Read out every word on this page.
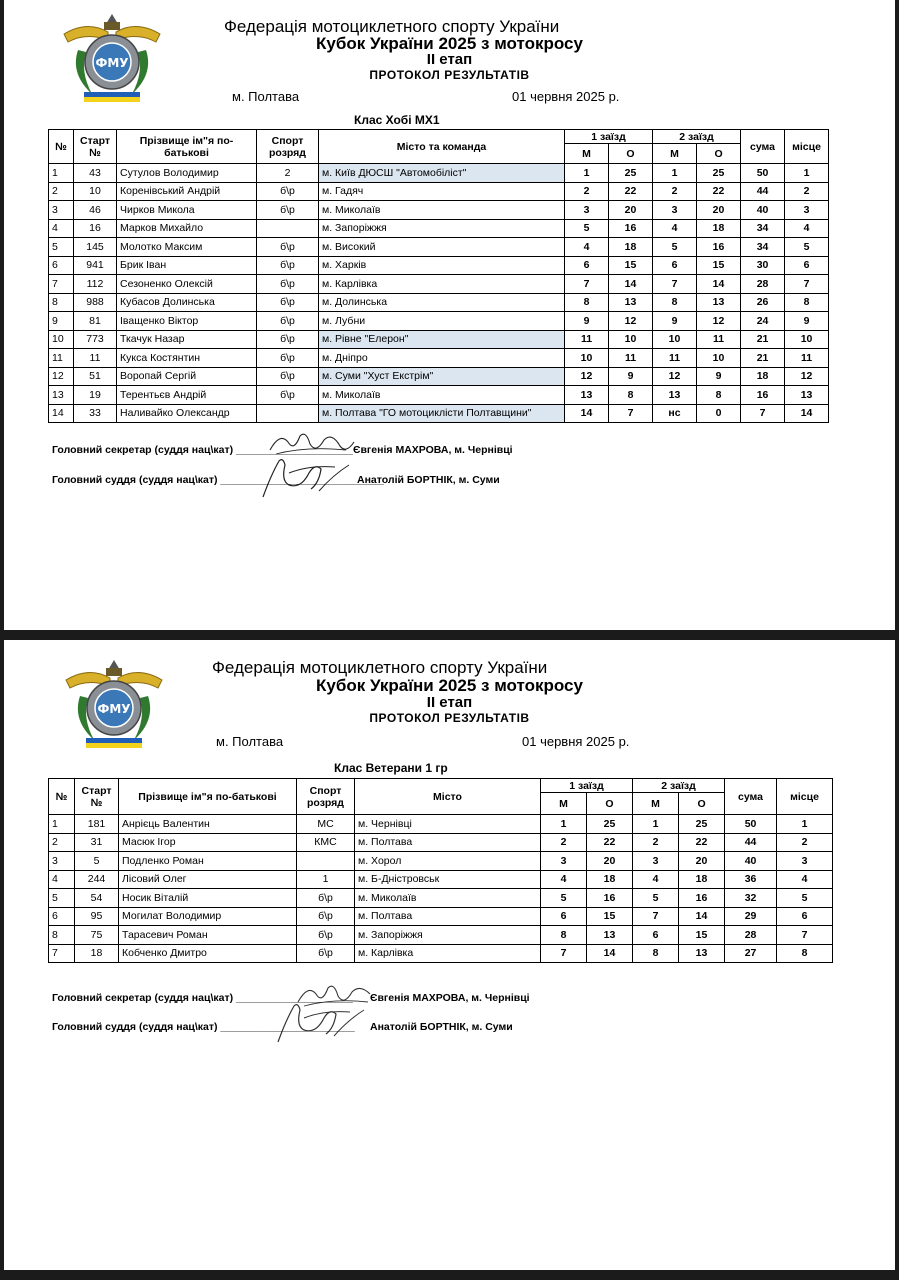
ФМУ
Федерація мотоциклетного спорту України
Кубок України 2025 з мотокросу
ІІ етап
ПРОТОКОЛ РЕЗУЛЬТАТІВ
м. Полтава	01 червня 2025 р.
Клас Хобі МХ1
№	Старт №	Прізвище ім"я по-батькові	Спорт розряд	Місто та команда	1 заїзд		2 заїзд		сума	місце
					М	О	М	О		
1	43	Сутулов Володимир	2	м. Київ ДЮСШ "Автомобіліст"	1	25	1	25	50	1
2	10	Коренівський Андрій	б\р	м. Гадяч	2	22	2	22	44	2
3	46	Чирков Микола	б\р	м. Миколаїв	3	20	3	20	40	3
4	16	Марков Михайло		м. Запоріжжя	5	16	4	18	34	4
5	145	Молотко Максим	б\р	м. Високий	4	18	5	16	34	5
6	941	Брик Іван	б\р	м. Харків	6	15	6	15	30	6
7	112	Сезоненко Олексій	б\р	м. Карлівка	7	14	7	14	28	7
8	988	Кубасов Долинська	б\р	м. Долинська	8	13	8	13	26	8
9	81	Іващенко Віктор	б\р	м. Лубни	9	12	9	12	24	9
10	773	Ткачук Назар	б\р	м. Рівне "Елерон"	11	10	10	11	21	10
11	11	Кукса Костянтин	б\р	м. Дніпро	10	11	11	10	21	11
12	51	Воропай Сергій	б\р	м. Суми "Хуст Екстрім"	12	9	12	9	18	12
13	19	Терентьєв Андрій	б\р	м. Миколаїв	13	8	13	8	16	13
14	33	Наливайко Олександр		м. Полтава "ГО мотоциклісти Полтавщини"	14	7	нс	0	7	14
Головний секретар (суддя нац\кат) ____________________ Євгенія МАХРОВА, м. Чернівці
Головний суддя (суддя нац\кат) ____________________________
Анатолій БОРТНІК, м. Суми
ФМУ
Федерація мотоциклетного спорту України
Кубок України 2025 з мотокросу
ІІ етап
ПРОТОКОЛ РЕЗУЛЬТАТІВ
м. Полтава	01 червня 2025 р.
Клас Ветерани 1 гр
№	Старт №	Прізвище ім"я по-батькові	Спорт розряд	Місто	1 заїзд		2 заїзд		сума	місце
					М	О	М	О		
1	181	Анрієць Валентин	МС	м. Чернівці	1	25	1	25	50	1
2	31	Масюк Ігор	КМС	м. Полтава	2	22	2	22	44	2
3	5	Подленко Роман		м. Хорол	3	20	3	20	40	3
4	244	Лісовий Олег	1	м. Б-Дністровськ	4	18	4	18	36	4
5	54	Носик Віталій	б\р	м. Миколаїв	5	16	5	16	32	5
6	95	Могилат Володимир	б\р	м. Полтава	6	15	7	14	29	6
8	75	Тарасевич Роман	б\р	м. Запоріжжя	8	13	6	15	28	7
7	18	Кобченко Дмитро	б\р	м. Карлівка	7	14	8	13	27	8
Головний секретар (суддя нац\кат) ____________________ Євгенія МАХРОВА, м. Чернівці
Головний суддя (суддя нац\кат) _______________________ Анатолій БОРТНІК, м. Суми
